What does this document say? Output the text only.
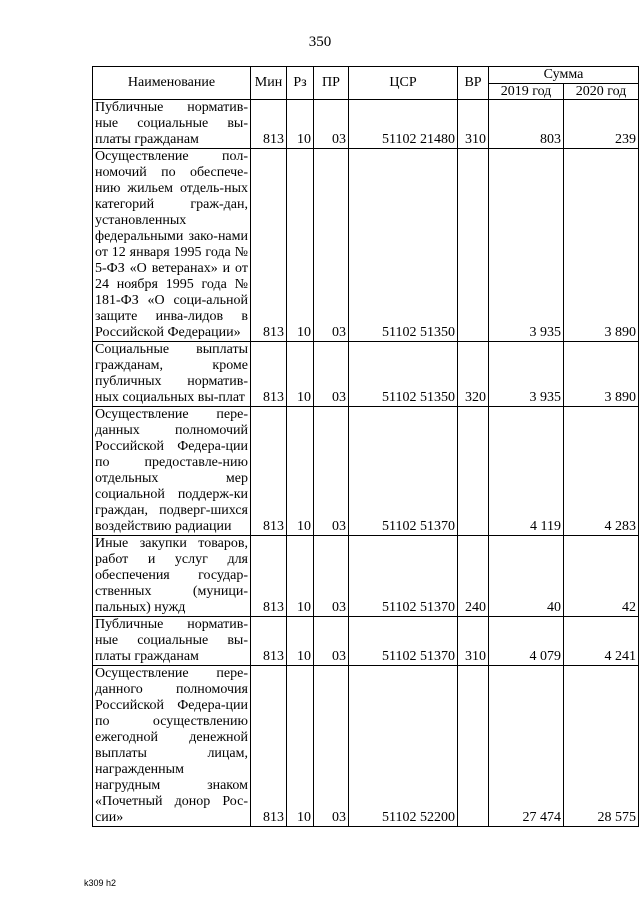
350
Наименование	Мин	Рз	ПР	ЦСР	ВР	Сумма	
						2019 год	2020 год
Публичные норматив-ные социальные вы-платы гражданам	813	10	03	51102 21480	310	803	239
Осуществление пол-номочий по обеспече-нию жильем отдель-ных категорий граж-дан, установленных федеральными зако-нами от 12 января 1995 года № 5-ФЗ «О ветеранах» и от 24 ноября 1995 года № 181-ФЗ «О соци-альной защите инва-лидов в Российской Федерации»	813	10	03	51102 51350		3 935	3 890
Социальные выплаты гражданам, кроме публичных норматив-ных социальных вы-плат	813	10	03	51102 51350	320	3 935	3 890
Осуществление пере-данных полномочий Российской Федера-ции по предоставле-нию отдельных мер социальной поддерж-ки граждан, подверг-шихся воздействию радиации	813	10	03	51102 51370		4 119	4 283
Иные закупки товаров, работ и услуг для обеспечения государ-ственных (муници-пальных) нужд	813	10	03	51102 51370	240	40	42
Публичные норматив-ные социальные вы-платы гражданам	813	10	03	51102 51370	310	4 079	4 241
Осуществление пере-данного полномочия Российской Федера-ции по осуществлению ежегодной денежной выплаты лицам, награжденным нагрудным знаком «Почетный донор Рос-сии»	813	10	03	51102 52200		27 474	28 575
k309 h2
